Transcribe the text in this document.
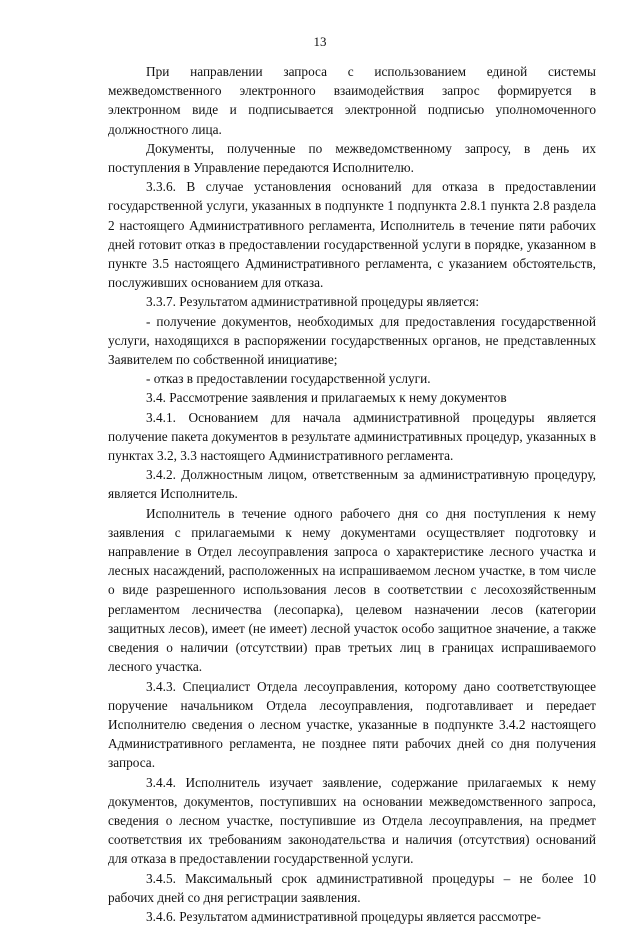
13

При направлении запроса с использованием единой системы межведомственного электронного взаимодействия запрос формируется в электронном виде и подписывается электронной подписью уполномоченного должностного лица.

Документы, полученные по межведомственному запросу, в день их поступления в Управление передаются Исполнителю.

3.3.6. В случае установления оснований для отказа в предоставлении государственной услуги, указанных в подпункте 1 подпункта 2.8.1 пункта 2.8 раздела 2 настоящего Административного регламента, Исполнитель в течение пяти рабочих дней готовит отказ в предоставлении государственной услуги в порядке, указанном в пункте 3.5 настоящего Административного регламента, с указанием обстоятельств, послуживших основанием для отказа.

3.3.7. Результатом административной процедуры является:

- получение документов, необходимых для предоставления государственной услуги, находящихся в распоряжении государственных органов, не представленных Заявителем по собственной инициативе;

- отказ в предоставлении государственной услуги.

3.4. Рассмотрение заявления и прилагаемых к нему документов

3.4.1. Основанием для начала административной процедуры является получение пакета документов в результате административных процедур, указанных в пунктах 3.2, 3.3 настоящего Административного регламента.

3.4.2. Должностным лицом, ответственным за административную процедуру, является Исполнитель.

Исполнитель в течение одного рабочего дня со дня поступления к нему заявления с прилагаемыми к нему документами осуществляет подготовку и направление в Отдел лесоуправления запроса о характеристике лесного участка и лесных насаждений, расположенных на испрашиваемом лесном участке, в том числе о виде разрешенного использования лесов в соответствии с лесохозяйственным регламентом лесничества (лесопарка), целевом назначении лесов (категории защитных лесов), имеет (не имеет) лесной участок особо защитное значение, а также сведения о наличии (отсутствии) прав третьих лиц в границах испрашиваемого лесного участка.

3.4.3. Специалист Отдела лесоуправления, которому дано соответствующее поручение начальником Отдела лесоуправления, подготавливает и передает Исполнителю сведения о лесном участке, указанные в подпункте 3.4.2 настоящего Административного регламента, не позднее пяти рабочих дней со дня получения запроса.

3.4.4. Исполнитель изучает заявление, содержание прилагаемых к нему документов, документов, поступивших на основании межведомственного запроса, сведения о лесном участке, поступившие из Отдела лесоуправления, на предмет соответствия их требованиям законодательства и наличия (отсутствия) оснований для отказа в предоставлении государственной услуги.

3.4.5. Максимальный срок административной процедуры – не более 10 рабочих дней со дня регистрации заявления.

3.4.6. Результатом административной процедуры является рассмотре-
